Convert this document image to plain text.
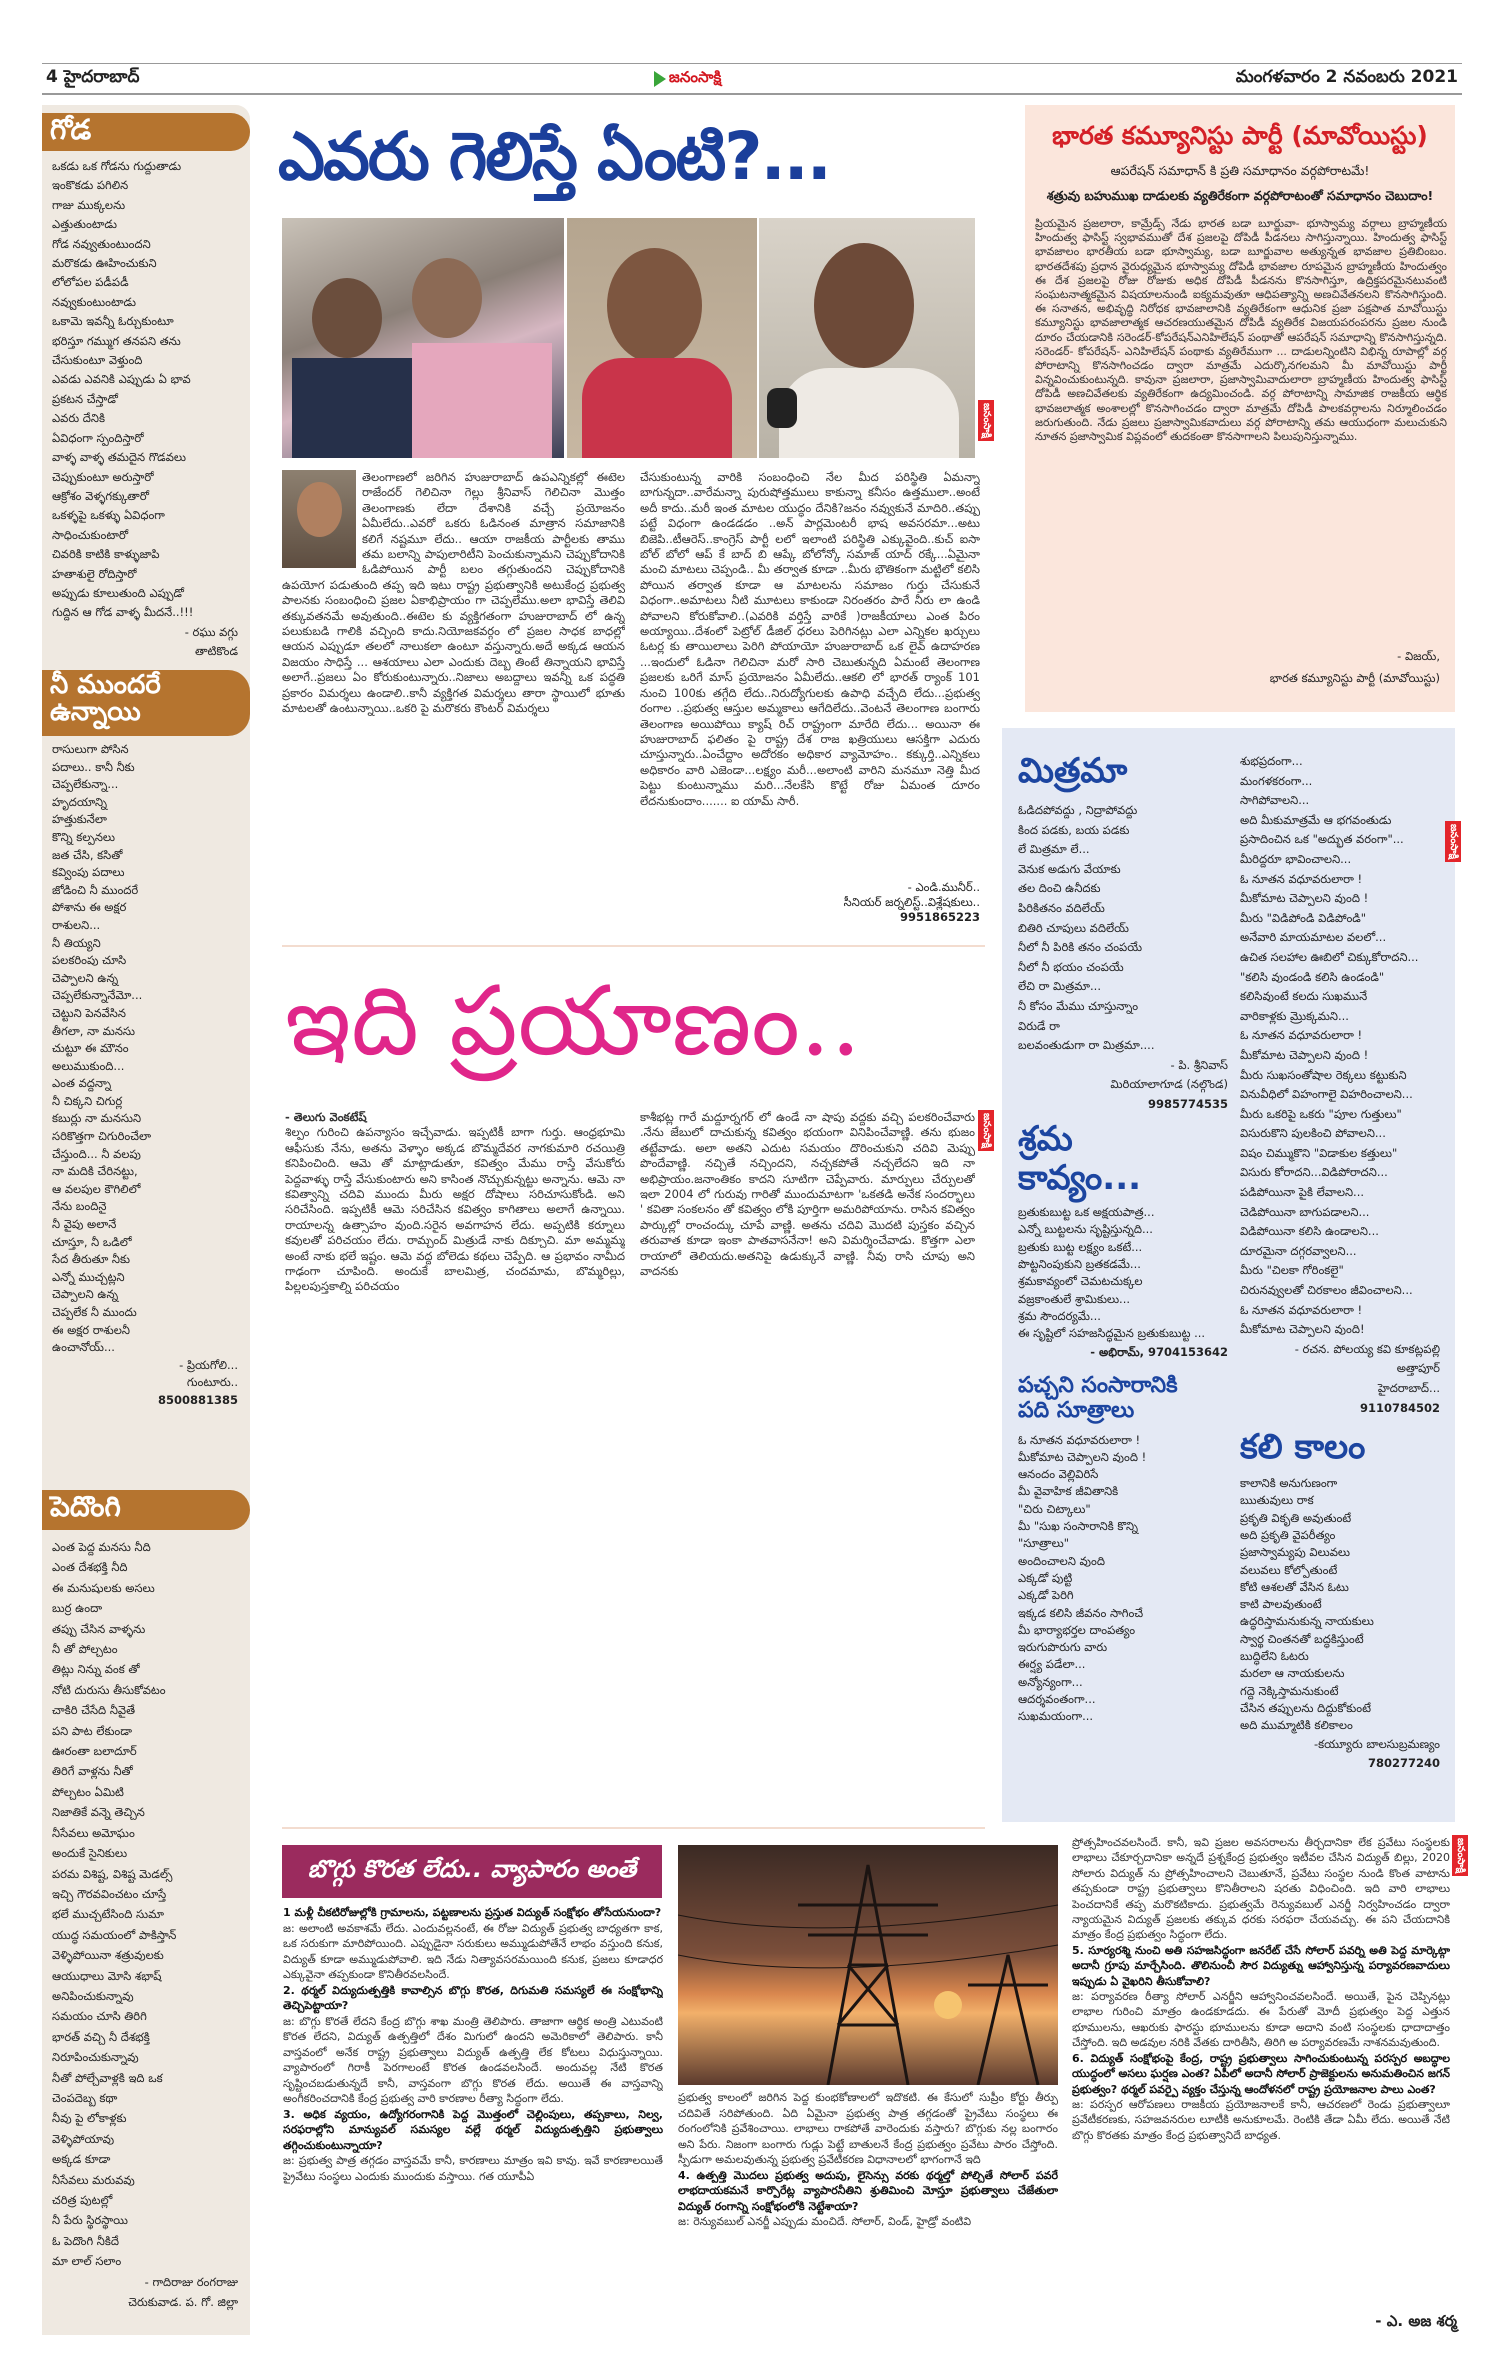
4 హైదరాబాద్	జనంసాక్షి	మంగళవారం 2 నవంబరు 2021
గోడ
ఒకడు ఒక గోడను గుద్దుతాడు
ఇంకొకడు పగిలిన
గాజు ముక్కలను
ఎత్తుతుంటాడు
గోడ నవ్వుతుంటుందని
మరొకడు ఊహించుకుని
లోలోపల పడీపడీ
నవ్వుకుంటుంటాడు
ఒకామె ఇవన్నీ ఓర్చుకుంటూ
భరిస్తూ గమ్ముగ తనపని తను
చేసుకుంటూ వెళ్తుంది
ఎవడు ఎవనికి ఎప్పుడు ఏ భావ
ప్రకటన చేస్తాడో
ఎవరు దేనికి
ఏవిధంగా స్పందిస్తారో
వాళ్ళ వాళ్ళ తమదైన గొడవలు
చెప్పుకుంటూ అరుస్తారో
ఆక్రోశం వెళ్ళగక్కుతారో
ఒకళ్ళపై ఒకళ్ళు ఏవిధంగా
సాధించుకుంటారో
చివరికి కాటికి కాళ్ళుజాపి
హతాశులై రోదిస్తారో
అప్పుడు కూలుతుంది ఎప్పుడో
గుద్దిన ఆ గోడ వాళ్ళ మీదనే..!!!
- రఘు వగ్గు
తాటికొండ
నీ ముందరే
ఉన్నాయి
రాసులుగా పోసిన
పదాలు.. కానీ నీకు
చెప్పలేకున్నా...
హృదయాన్ని
హత్తుకునేలా
కొన్ని కల్పనలు
జత చేసి, కసితో
కవ్వింపు పదాలు
జోడించి నీ ముందరే
పోశాను ఈ అక్షర
రాశులని...
నీ తియ్యని
పలకరింపు చూసి
చెప్పాలని ఉన్న
చెప్పలేకున్నానేమో...
చెట్టుని పెనవేసిన
తీగలా, నా మనసు
చుట్టూ ఈ మౌనం
అలుముకుంది...
ఎంత వద్దన్నా
నీ చిక్కని చిగుర్ల
కబుర్లు నా మనసుని
సరికొత్తగా చిగురించేలా
చేస్తుంది... నీ వలపు
నా మదికి చేరినట్టు,
ఆ వలపుల కౌగిలిలో
నేను బందినై
నీ వైపు అలానే
చూస్తూ, నీ ఒడిలో
సేద తీరుతూ నీకు
ఎన్నో ముచ్చట్లని
చెప్పాలని ఉన్న
చెప్పలేక నీ ముందు
ఈ అక్షర రాశులనీ
ఉంచానోయ్...
- ప్రియగోలి...
గుంటూరు..
8500881385
పెదొంగి
ఎంత పెద్ద మనసు నీది
ఎంత దేశభక్తి నీది
ఈ మనుషులకు అసలు
బుర్ర ఉందా
తప్పు చేసిన వాళ్ళను
నీ తో పోల్చటం
తిట్లు నిన్ను వంక తో
నోటి దురుసు తీసుకోవటం
చాకిరి చేసేది నీవైతే
పని పాట లేకుండా
ఊరంతా బలాదూర్
తిరిగే వాళ్లను నీతో
పోల్చటం ఏమిటి
నిజాతికే వన్నె తెచ్చిన
నీసేవలు అమోఘం
అందుకే సైనికులు
పరమ విశిష్ట, విశిష్ట మెడల్స్
ఇచ్చి గౌరవవించటం చూస్తే
భలే ముచ్చటేసింది సుమా
యుద్ధ సమయంలో పాకిస్తాన్
వెళ్ళిపోయినా శత్రువులకు
ఆయుధాలు మోసి శభాష్
అనిపించుకున్నావు
సమయం చూసి తిరిగి
భారత్ వచ్చి నీ దేశభక్తి
నిరూపించుకున్నావు
నీతో పోల్చేవాళ్లకి ఇది ఒక
చెంపదెబ్బ కథా
నీవు పై లోకాళ్లకు
వెళ్ళిపోయావు
అక్కడ కూడా
నీసేవలు మరువవు
చరిత్ర పుటల్లో
నీ పేరు స్థిరస్థాయి
ఓ పెదొంగి నీకిదే
మా లాల్ సలాం
- గాదిరాజు రంగరాజు
చెరుకువాడ. ప. గో. జిల్లా
ఎవరు గెలిస్తే ఏంటి?...
జనంసాక్షి

తెలంగాణలో జరిగిన హుజురాబాద్ ఉపఎన్నికల్లో ఈటెల రాజేందర్ గెలిచినా గెల్లు శ్రీనివాస్ గెలిచినా మొత్తం తెలంగాణకు లేదా దేశానికి వచ్చే ప్రయోజనం ఏమీలేదు..ఎవరో ఒకరు ఓడినంత మాత్రాన సమాజానికి కలిగే నష్టమూ లేదు.. ఆయా రాజకీయ పార్టీలకు తాము తమ బలాన్ని పాపులారిటీని పెంచుకున్నామని చెప్పుకోదానికి ఓడిపోయిన పార్టీ బలం తగ్గుతుందని చెప్పుకోదానికి ఉపయోగ పడుతుంది తప్ప ఇది ఇటు రాష్ట్ర ప్రభుత్వానికి అటుకేంద్ర ప్రభుత్వ పాలనకు సంబంధించి ప్రజల ఏకాభిప్రాయం గా చెప్పలేము.అలా భావిస్తే తెలివి తక్కువతనమే అవుతుంది..ఈటెల కు వ్యక్తిగతంగా హుజురాబాద్ లో ఉన్న పలుకుబడి గాలికి వచ్చింది కాదు.నియోజకవర్గం లో ప్రజల సాధక బాధల్లో ఆయన ఎప్పుడూ తలలో నాలుకలా ఉంటూ వస్తున్నారు.అదే అక్కడ ఆయన విజయం సాధిస్తే ... ఆశయాలు ఎలా ఎందుకు దెబ్బ తింటే తిన్నాయని భావిస్తే అలాగే..ప్రజలు ఏం కోరుకుంటున్నారు..నిజాలు అబద్దాలు ఇవన్నీ ఒక పద్ధతి ప్రకారం విమర్శలు ఉండాలి..కానీ వ్యక్తిగత విమర్శలు తారా స్థాయిలో భూతు మాటలతో ఉంటున్నాయి..ఒకరి పై మరొకరు కౌంటర్ విమర్శలు

చేసుకుంటున్న వారికి సంబంధించి నేల మీద పరిస్థితి ఏమన్నా బాగున్నదా..వారేమన్నా పురుషోత్తములు కాకున్నా కనీసం ఉత్తములా..అంటే అదీ కాదు..మరీ ఇంత మాటల యుద్ధం దేనికి?జనం నవ్వుకునే మాదిరి..తప్పు పట్టే విధంగా ఉండడడం ..అన్ పార్లమెంటరీ భాష అవసరమా...అటు బిజెపి..టీఆరెస్..కాంగ్రెస్ పార్టీ లలో ఇలాంటి పరిస్థితి ఎక్కువైంది..కుచ్ ఐసా బోల్ బోలో ఆప్ కే బాద్ బి ఆప్కే బోలోన్కో సమాజ్ యాద్ రక్కే...ఏమైనా మంచి మాటలు చెప్పండి.. మీ తర్వాత కూడా ..మీరు భౌతికంగా మట్టిలో కలిసి పోయిన తర్వాత కూడా ఆ మాటలను సమాజం గుర్తు చేసుకునే విధంగా..అమాటలు నీటి మూటలు కాకుండా నిరంతరం పారే నీరు లా ఉండి పోవాలని కోరుకోవాలి..(ఎవరికి వర్తిస్తే వారికే )రాజకీయాలు ఎంత పిరం అయ్యాయి..దేశంలో పెట్రోల్ డీజిల్ ధరలు పెరిగినట్లు ఎలా ఎన్నికల ఖర్చులు ఓటర్ల కు తాయిలాలు పెరిగి పోయాయో హుజురాబాద్ ఒక లైవ్ ఉదాహరణ ...ఇందులో ఓడినా గెలిచినా మరో సారి చెబుతున్నది ఏమంటే తెలంగాణ ప్రజలకు ఒరిగే మాస్ ప్రయోజనం ఏమీలేదు..ఆకలి లో భారత్ ర్యాంక్ 101 నుంచి 100కు తగ్గేది లేదు..నిరుద్యోగులకు ఉపాధి వచ్చేది లేదు...ప్రభుత్వ రంగాల ..ప్రభుత్వ ఆస్తుల అమ్మకాలు ఆగేదిలేదు..వెంటనే తెలంగాణ బంగారు తెలంగాణ అయిపోయి క్యాష్ రిచ్ రాష్ట్రంగా మారేది లేదు... అయినా ఈ హుజురాబాద్ ఫలితం పై రాష్ట్ర దేశ రాజ ఖత్రియులు ఆసక్తిగా ఎదురు చూస్తున్నారు..ఏంచేద్దాం అదోరకం అధికార వ్యామోహం.. కక్కుర్తి..ఎన్నికలు అధికారం వారి ఎజెండా...లక్ష్యం మరీ...అలాంటి వారిని మనమూ నెత్తి మీద పెట్టు కుంటున్నాము మరి...నేలకేసి కొట్టే రోజు ఏమంత దూరం లేదనుకుందాం....... ఐ యామ్ సారీ.

- ఎండి.మునీర్..
సీనియర్ జర్నలిస్ట్..విశ్లేషకులు..
9951865223
ఇది ప్రయాణం..

- తెలుగు వెంకటేష్

శిల్పం గురించి ఉపన్యాసం ఇచ్చేవాడు. ఇప్పటికీ బాగా గుర్తు. ఆంధ్రభూమి ఆఫీసుకు నేను, అతను వెళ్ళాం అక్కడ బొమ్మదేవర నాగకుమారి రచయిత్రి కనిపించింది. ఆమె తో మాట్లాడుతూ, కవిత్వం మేము రాస్తే వేసుకోరు పెద్దవాళ్ళు రాస్తే వేసుకుంటారు అని కాసింత నొచ్చుకున్నట్టు అన్నాను. ఆమె నా కవిత్వాన్ని చదివి ముందు మీరు అక్షర దోషాలు సరిచూసుకోండి. అని సరిచేసింది. ఇప్పటికీ ఆమె సరిచేసిన కవిత్వం కాగితాలు అలాగే ఉన్నాయి. రాయాలన్న ఉత్సాహం వుంది.సరైన అవగాహన లేదు. అప్పటికి కర్నూలు కవులతో పరిచయం లేదు. రామ్చంద్ మిత్రుడే నాకు దిక్చూచి. మా అమ్మమ్మ అంటే నాకు భలే ఇష్టం. ఆమె వద్ద బోలెడు కథలు చెప్పేది. ఆ ప్రభావం నామీద గాఢంగా చూపింది. అందుకే బాలమిత్ర, చందమామ, బొమ్మరిల్లు, పిల్లలపుస్తకాల్ని పరిచయం

కాశీభట్ల గారే మద్దూర్నగర్ లో ఉండే నా షాపు వద్దకు వచ్చి పలకరించేవారు .నేను జేబులో దాచుకున్న కవిత్వం భయంగా వినిపించేవాణ్ణి. తను భుజం తట్టేవాడు. అలా అతని ఎదుట సమయం దొరించుకుని చదివి మెప్పు పొందేవాణ్ణి. నచ్చితే నచ్చిందని, నచ్చకపోతే నచ్చలేదని ఇది నా అభిప్రాయం.జనాంతికం కాదని సూటిగా చెప్పేవారు. మార్పులు చేర్పులతో ఇలా 2004 లో గురువు గారితో ముందుమాటగా 'ఒకతడి అనేక సందర్భాలు ' కవితా సంకలనం తో కవిత్వం లోకి పూర్తిగా అమరిపోయాను. రాసిన కవిత్వం పార్కుల్లో రాంచంద్కు చూపే వాణ్ణి. అతను చదివి మొదటి పుస్తకం వచ్చిన తరువాత కూడా ఇంకా పాతవాసనేనా! అని విమర్శించేవాడు. కొత్తగా ఎలా రాయాలో తెలియదు.అతనిపై ఉడుక్కునే వాణ్ణి. నీవు రాసి చూపు అని వాదనకు

జనంసాక్షి
భారత కమ్యూనిస్టు పార్టీ (మావోయిస్టు)
ఆపరేషన్ సమాధాన్ కి ప్రతి సమాధానం వర్గపోరాటమే!
శత్రువు బహుముఖ దాడులకు వ్యతిరేకంగా వర్గపోరాటంతో సమాధానం చెబుదాం!

ప్రియమైన ప్రజలారా, కామ్రేడ్స్ నేడు భారత బడా బూర్జువా- భూస్వామ్య వర్గాలు బ్రాహ్మణీయ హిందుత్వ ఫాసిస్ట్ స్వభావముతో దేశ ప్రజలపై దోపిడీ పీడనలు సాగిస్తున్నాయి. హిందుత్వ ఫాసిస్ట్ భావజాలం భారతీయ బడా భూస్వామ్య, బడా బూర్జువాల అత్యున్నత భావజాల ప్రతిబింబం. భారతదేశపు ప్రధాన వైరుధ్యమైన భూస్వామ్య దోపిడీ భావజాల రూపమైన బ్రాహ్మణీయ హిందుత్వం ఈ దేశ ప్రజలపై రోజు రోజుకు అధిక దోపిడీ పీడనను కొనసాగిస్తూ, ఉద్రిక్తపరమైనటువంటి సంఘటనాత్మకమైన విషయాలనుండి ఐక్యమవుతూ ఆధిపత్యాన్ని అణచివేతనలని కొనసాగిస్తుంది. ఈ సనాతన, అభివృద్ధి నిరోధక భావజాలానికి వ్యతిరేకంగా ఆధునిక ప్రజా పక్షపాత మావోయిస్టు కమ్యూనిస్టు భావజాలాత్మక ఆచరణయుతమైన దోపిడీ వ్యతిరేక విజయపరంపరను ప్రజల నుండి దూరం చేయడానికి సరెండర్-కోపరేషన్ఎనిహిలేషన్ పంథాతో ఆపరేషన్ సమాధాన్ని కొనసాగిస్తున్నది. సరెండర్- కోపరేషన్- ఎనిహిలేషన్ పంథాకు వ్యతిరేముగా ... దాడులన్నింటిని విభిన్న రూపాల్లో వర్గ పోరాటాన్ని కొనసాగించడం ద్వారా మాత్రమే ఎదుర్కొనగలమని మీ మావోయిస్టు పార్టీ విన్నవించుకుంటున్నది. కావునా ప్రజలారా, ప్రజాస్వామివాదులారా బ్రాహ్మణీయ హిందుత్వ ఫాసిస్ట్ దోపిడీ అణచివేతలకు వ్యతిరేకంగా ఉద్యమించండి. వర్గ పోరాటాన్ని సామాజిక రాజకీయ ఆర్థిక భావజలాత్మక అంశాలల్లో కొనసాగించడం ద్వారా మాత్రమే దోపిడీ పాలకవర్గాలను నిర్మూలించడం జరుగుతుంది. నేడు ప్రజలు ప్రజాస్వామికవాదులు వర్గ పోరాటాన్ని తమ ఆయుధంగా మలుచుకుని నూతన ప్రజాస్వామిక విప్లవంలో తుదకంతా కొనసాగాలని పిలుపునిస్తున్నాము.

- విజయ్,
భారత కమ్యూనిస్టు పార్టీ (మావోయిస్టు)
జనంసాక్షి
మిత్రమా
ఓడిదపోవద్దు , నిద్రాపోవద్దు
కింద పడకు, బయ పడకు
లే మిత్రమా లే...
వెనుక అడుగు వేయాకు
తల దించి ఉనీదకు
పిరికితనం వదిలేయ్
బితిరి చూపులు వదిలేయ్
నీలో నీ పిరికి తనం చంపయే
నీలో నీ భయం చంపయే
లేచి రా మిత్రమా...
నీ కోసం మేము చూస్తున్నాం
విరుడే రా
బలవంతుడుగా రా మిత్రమా....
- పి. శ్రీనివాస్
మిరియాలాగూడ (నల్గొండ)
9985774535
శ్రమ
కావ్యం...
బ్రతుకుబుట్ట ఒక అక్షయపాత్ర...
ఎన్నో బుట్టలను సృష్టిస్తున్నది...
బ్రతుకు బుట్ట లక్ష్యం ఒకటే...
పొట్టనింపుకుని బ్రతకడమే...
శ్రమకావ్యంలో చెమటచుక్కల
వజ్రకాంతులే శ్రామికులు...
శ్రమ సౌందర్యమే...
ఈ సృష్టిలో సహజసిద్ధమైన బ్రతుకుబుట్ట ...
- అభిరామ్, 9704153642
పచ్చని సంసారానికి
పది సూత్రాలు
ఓ నూతన వధూవరులారా !
మీకోమాట చెప్పాలని వుంది !
ఆనందం వెల్లివిరిసే
మీ వైవాహిక జీవితానికి
"చిరు చిట్కాలు"
మీ "సుఖ సంసారానికి కొన్ని
"సూత్రాలు"
అందించాలని వుంది
ఎక్కడో పుట్టి
ఎక్కడో పెరిగి
ఇక్కడ కలిసి జీవనం సాగించే
మీ భార్యాభర్తల దాంపత్యం
ఇరుగుపొరుగు వారు
ఈర్ష్య పడేలా...
అన్యోన్యంగా...
ఆదర్శవంతంగా...
సుఖమయంగా...
శుభప్రదంగా...
మంగళకరంగా...
సాగిపోవాలని...
అది మీకుమాత్రమే ఆ భగవంతుడు
ప్రసాదించిన ఒక "అద్భుత వరంగా"...
మీరిద్దరూ భావించాలని...
ఓ నూతన వధూవరులారా !
మీకోమాట చెప్పాలని వుంది !
మీరు "విడిపోండి విడిపోండి"
అనేవారి మాయమాటల వలలో...
ఉచిత సలహాల ఊబిలో చిక్కుకోరాదని...
"కలిసి వుండండి కలిసి ఉండండి"
కలిసివుంటే కలదు సుఖమునే
వారికాళ్లకు మ్రొక్కమని...
ఓ నూతన వధూవరులారా !
మీకోమాట చెప్పాలని వుంది !
మీరు సుఖసంతోషాల రెక్కలు కట్టుకుని
వినువీధిలో విహంగాలై విహరించాలని...
మీరు ఒకరిపై ఒకరు "పూల గుత్తులు"
విసురుకొని పులకించి పోవాలని...
విషం చిమ్ముకొని "విడాకుల కత్తులు"
విసురు కోరాదని...విడిపోరాదని...
పడిపోయినా పైకి లేవాలని...
చెడిపోయినా బాగుపడాలని...
విడిపోయినా కలిసి ఉండాలని...
దూరమైనా దగ్గరవ్వాలని...
మీరు "చిలకా గోరింకలై"
చిరునవ్వులతో చిరకాలం జీవించాలని...
ఓ నూతన వధూవరులారా !
మీకోమాట చెప్పాలని వుంది!
- రచన. పోలయ్య కవి కూకట్లపల్లి
అత్తాపూర్
హైదరాబాద్...
9110784502
కలి కాలం
కాలానికి అనుగుణంగా
ఋతువులు రాక
ప్రకృతి వికృతి అవుతుంటే
అది ప్రకృతి వైపరీత్యం
ప్రజాస్వామ్యపు విలువలు
వలువలు కోల్పోతుంటే
కోటి ఆశలతో వేసిన ఓటు
కాటి పాలవుతుంటే
ఉద్ధరిస్తామనుకున్న నాయకులు
స్వార్థ చింతనతో బద్ధకిస్తుంటే
బుద్ధిలేని ఓటరు
మరలా ఆ నాయకులను
గద్దె నెక్కిస్తామనుకుంటే
చేసిన తప్పులను దిద్దుకోకుంటే
అది ముమ్మాటికి కలికాలం
-కయ్యూరు బాలసుబ్రమణ్యం
780277240
బొగ్గు కొరత లేదు.. వ్యాపారం అంతే

1 మళ్లీ చీకటిరోజుల్లోకి గ్రామాలను, పట్టణాలను ప్రస్తుత విద్యుత్ సంక్షోభం తోసేయనుందా?

జ: అలాంటి అవకాశమే లేదు. ఎందువల్లనంటే, ఈ రోజు విద్యుత్ ప్రభుత్వ బాధ్యతగా కాక, ఒక సరుకుగా మారిపోయింది. ఎప్పుడైనా సరుకులు అమ్ముడుపోతేనే లాభం వస్తుంది కనుక, విద్యుత్ కూడా అమ్ముడుపోవాలి. ఇది నేడు నిత్యావసరమయింది కనుక, ప్రజలు కూడాధర ఎక్కువైనా తప్పకుండా కొనితీరవలసిందే.

2. థర్మల్ విద్యుదుత్పత్తికి కావాల్సిన బొగ్గు కొరత, దిగుమతి సమస్యలే ఈ సంక్షోభాన్ని తెచ్చిపెట్టాయా?

జ: బొగ్గు కొరతే లేదని కేంద్ర బొగ్గు శాఖ మంత్రి తెలిపారు. తాజాగా ఆర్థిక అంత్రి ఎటువంటి కొరత లేదని, విద్యుత్ ఉత్పత్తిలో దేశం మిగులో ఉందని అమెరికాలో తెలిపారు. కానీ వాస్తవంలో అనేక రాష్ట్ర ప్రభుత్వాలు విద్యుత్ ఉత్పత్తి లేక కోటలు విధుస్తున్నాయి. వ్యాపారంలో గిరాకీ పెరగాలంటే కొరత ఉండవలసిందే. అందువల్ల నేటి కొరత సృష్టించబడుతున్నదే కానీ, వాస్తవంగా బొగ్గు కొరత లేదు. అయితే ఈ వాస్తవాన్ని అంగీకరించదానికి కేంద్ర ప్రభుత్వ వారి కారణాల రీత్యా సిద్ధంగా లేదు.

3. అధిక వ్యయం, ఉద్యోగరంగానికి పెద్ద మొత్తంలో చెల్లింపులు, తప్పకాలు, నిల్వ, సరఫరాల్లోని మాన్యువల్ సమస్యల వల్లే థర్మల్ విద్యుదుత్పత్తిని ప్రభుత్వాలు తగ్గించుకుంటున్నాయా?

జ: ప్రభుత్వ పాత్ర తగ్గడం వాస్తవమే కానీ, కారణాలు మాత్రం ఇవి కావు. ఇవే కారణాలయితే ప్రైవేటు సంస్థలు ఎందుకు ముందుకు వస్తాయి. గత యూపీఏ

ప్రభుత్వ కాలంలో జరిగిన పెద్ద కుంభకోణాలలో ఇదొకటి. ఈ కేసులో సుప్రీం కోర్టు తీర్పు చదివితే సరిపోతుంది. ఏది ఏమైనా ప్రభుత్వ పాత్ర తగ్గడంతో ప్రైవేటు సంస్థలు ఈ రంగంలోనికి ప్రవేశించాయి. లాభాలు రాకపోతే వారెందుకు వస్తారు? బొగ్గుకు నల్ల బంగారం అని పేరు. నిజంగా బంగారు గుడ్లు పెట్టే బాతులనే కేంద్ర ప్రభుత్వం ప్రవేటు పారం చేస్తోంది. స్పీడుగా అమలవుతున్న ప్రభుత్వ ప్రవేటీకరణ విధానాలలో భాగంగానే ఇది

4. ఉత్పత్తి మొదలు ప్రభుత్వ అదుపు, లైసెన్సు వరకు థర్మల్తో పోల్చితే సోలార్ పవరే లాభదాయకమనే కార్పొరేట్ల వ్యాపారనీతిని శ్రుతిమించి మోస్తూ ప్రభుత్వాలు చేజేతులా విద్యుత్ రంగాన్ని సంక్షోభంలోకి నెట్టేశాయా?

జ: రెన్యువబుల్ ఎనర్జీ ఎప్పుడు మంచిదే. సోలార్, విండ్, హైడ్రో వంటివి

ప్రోత్సహించవలసిందే. కానీ, ఇవి ప్రజల అవసరాలను తీర్చదానికా లేక ప్రవేటు సంస్థలకు లాభాలు చేకూర్చదానికా అన్నదే ప్రశ్నకేంద్ర ప్రభుత్వం ఇటీవల చేసిన విద్యుత్ బిల్లు, 2020 సోలారు విద్యుత్ ను ప్రోత్సహించాలని చెబుతూనే, ప్రవేటు సంస్థల నుండి కొంత వాటాను తప్పకుండా రాష్ట్ర ప్రభుత్వాలు కొనితీరాలని షరతు విధించింది. ఇది వారి లాభాలు పెంచదానికే తప్ప మరొకటికాదు. ప్రభుత్వమే రెన్యువబుల్ ఎనర్జీ నిర్వహించడం ద్వారా న్యాయమైన విద్యుత్ ప్రజలకు తక్కువ ధరకు సరఫరా చేయవచ్చు. ఈ పని చేయదానికి మాత్రం కేంద్ర ప్రభుత్వం సిద్ధంగా లేదు.

5. సూర్యరశ్మి నుంచి అతి సహజసిద్ధంగా జనరేట్ చేసే సోలార్ పవర్ని అతి పెద్ద మార్కెట్గా అదానీ గ్రూపు మార్చేసింది. తొలినుంచీ సౌర విద్యుత్ను ఆహ్వానిస్తున్న పర్యావరణవాదులు ఇప్పుడు ఏ వైఖరిని తీసుకోవాలి?

జ: పర్యావరణ రీత్యా సోలార్ ఎనర్జీని ఆహ్వానించవలసిందే. అయితే, పైన చెప్పినట్లు లాభాల గురించి మాత్రం ఉండకూడదు. ఈ పేరుతో మోదీ ప్రభుత్వం పెద్ద ఎత్తున భూములను, ఆఖరుకు ఫారస్టు భూములను కూడా అదాని వంటి సంస్థలకు ధాదాదాత్తం చేస్తోంది. ఇది అడవుల నరికి వేతకు దారితీసి, తిరిగి అ పర్యావరణమే నాశనమవుతుంది.

6. విద్యుత్ సంక్షోభంపై కేంద్ర, రాష్ట్ర ప్రభుత్వాలు సాగించుకుంటున్న పరస్పర అబద్ధాల యుద్ధంలో అసలు ఘర్షణ ఎంత? ఏపీలో అదానీ సోలార్ ప్రాజెక్టులను అనుమతించిన జగన్ ప్రభుత్వం? థర్మల్ పవర్పై వ్యక్తం చేస్తున్న ఆందోళనలో రాష్ట్ర ప్రయోజనాల పాలు ఎంత?

జ: పరస్పర ఆరోపణలు రాజకీయ ప్రయోజనాలకే కానీ, ఆచరణలో రెండు ప్రభుత్వాలూ ప్రవేటీకరణకు, సహజవనరుల లూటీకి అనుకూలమే. రెంటికి తేడా ఏమీ లేదు. అయితే నేటి బొగ్గు కొరతకు మాత్రం కేంద్ర ప్రభుత్వానిదే బాధ్యత.

జనంసాక్షి
- ఎ. అజ శర్మ
